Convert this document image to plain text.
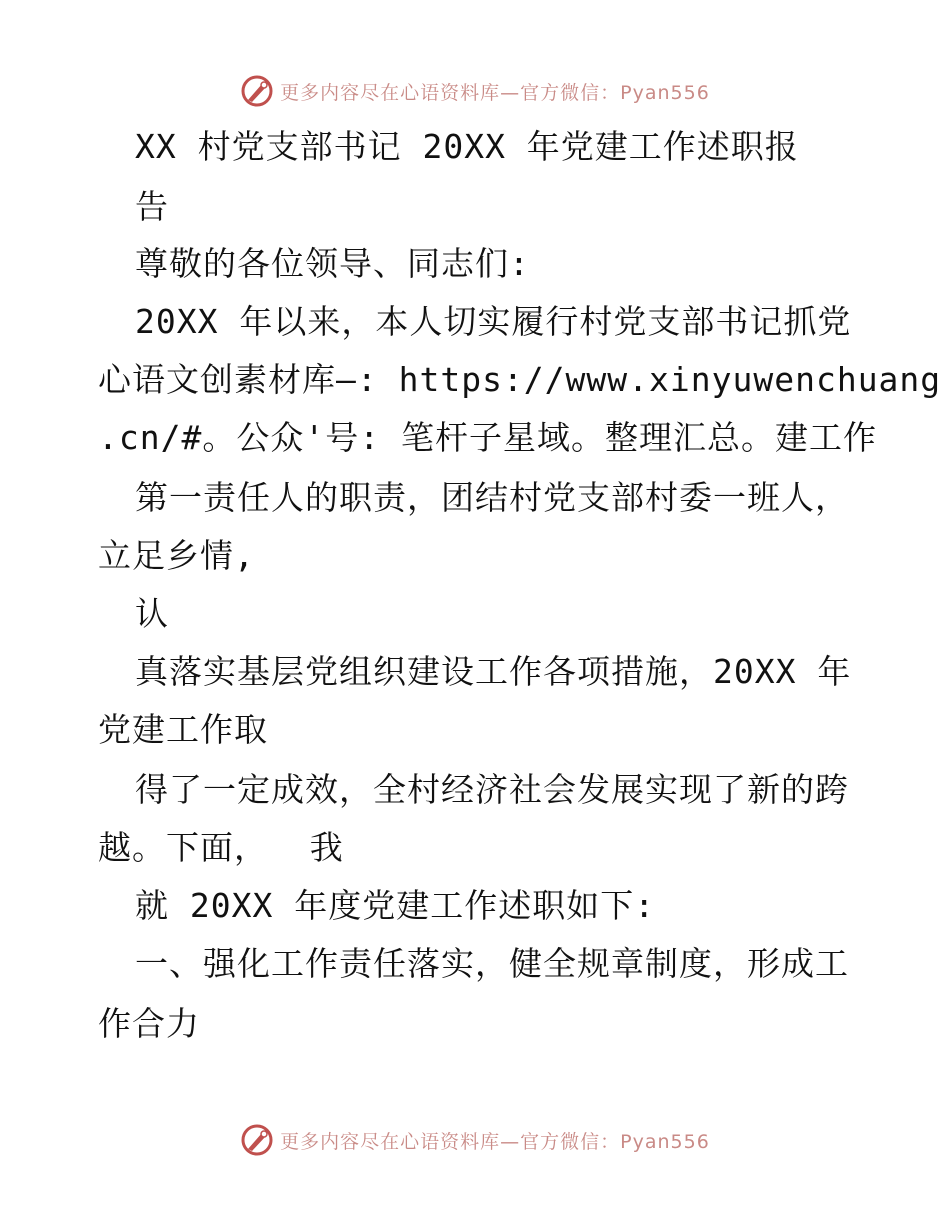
更多内容尽在心语资料库—官方微信：Pyan556
XX 村党支部书记 20XX 年党建工作述职报
告
尊敬的各位领导、同志们:
20XX 年以来，本人切实履行村党支部书记抓党
心语文创素材库—: https://www.xinyuwenchuang
.cn/#。公众'号: 笔杆子星域。整理汇总。建工作
第一责任人的职责，团结村党支部村委一班人，
立足乡情,
认
真落实基层党组织建设工作各项措施，20XX 年
党建工作取
得了一定成效，全村经济社会发展实现了新的跨
越。下面，  我
就 20XX 年度党建工作述职如下:
一、强化工作责任落实，健全规章制度，形成工
作合力
更多内容尽在心语资料库—官方微信：Pyan556
